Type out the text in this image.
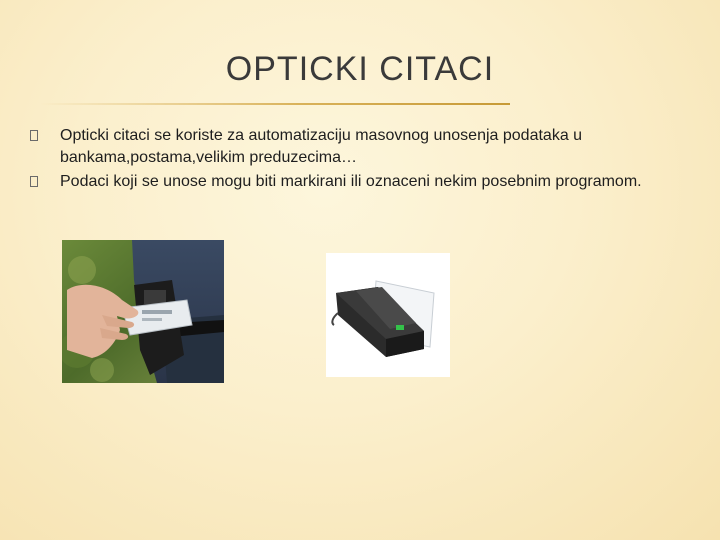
OPTICKI CITACI
Opticki citaci se koriste za automatizaciju masovnog unosenja podataka u bankama,postama,velikim preduzecima…
Podaci koji se unose mogu biti markirani ili oznaceni nekim posebnim programom.
